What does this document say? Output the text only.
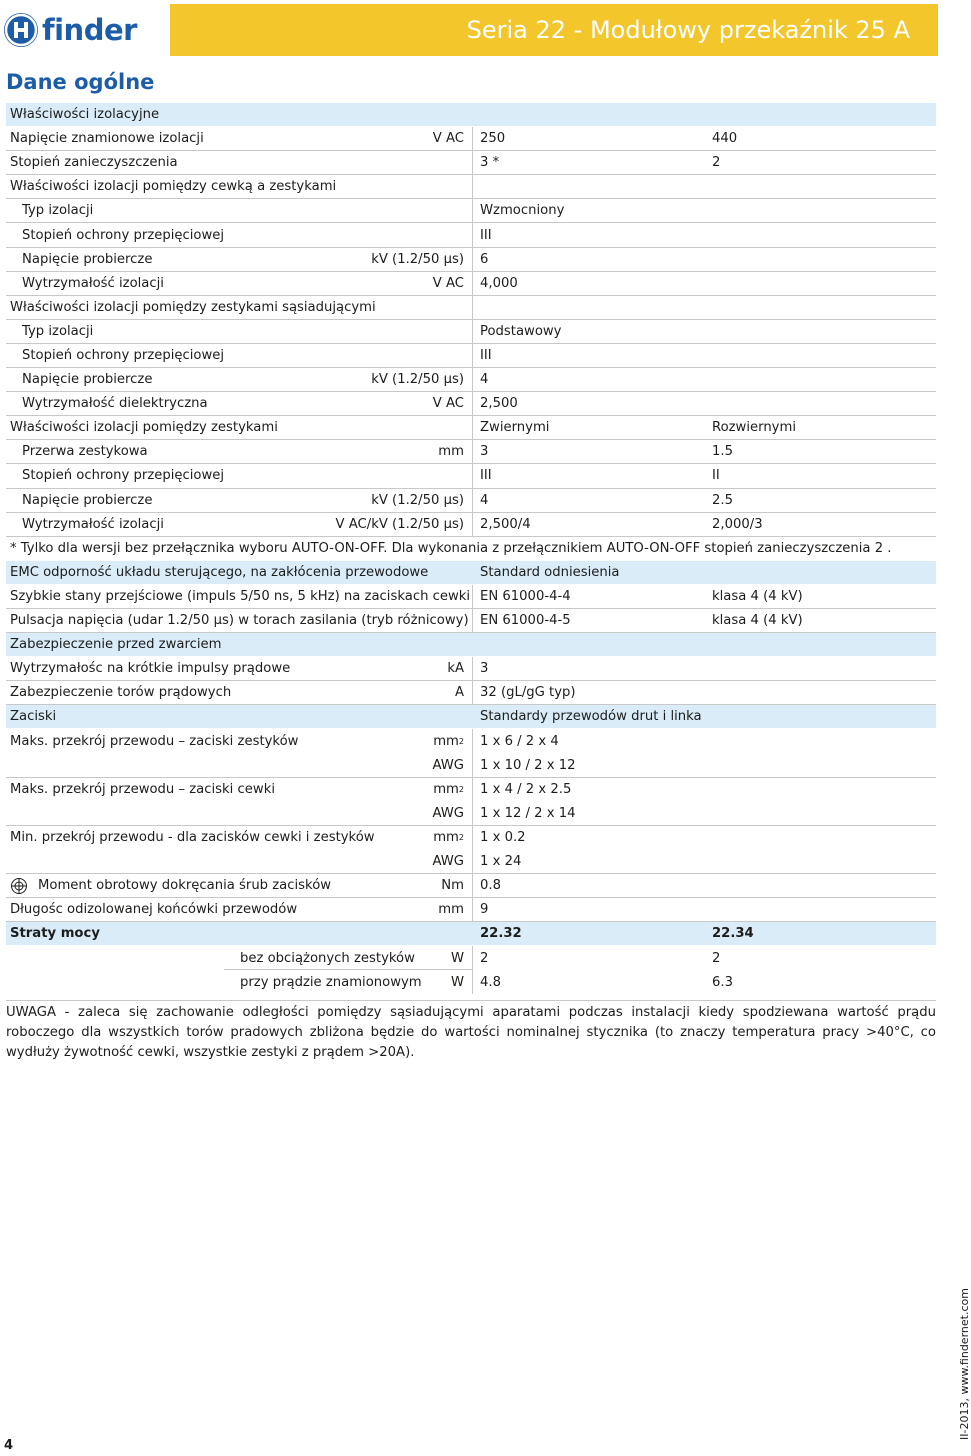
finder	Seria 22 - Modułowy przekaźnik 25 A
Dane ogólne
Właściwości izolacyjne
Napięcie znamionowe izolacji	V AC 250	440
Stopień zanieczyszczenia	3 *	2
Właściwości izolacji pomiędzy cewką a zestykami
Typ izolacji	Wzmocniony
Stopień ochrony przepięciowej	III
Napięcie probiercze	kV (1.2/50 µs) 6
Wytrzymałość izolacji	V AC 4,000
Właściwości izolacji pomiędzy zestykami sąsiadującymi
Typ izolacji	Podstawowy
Stopień ochrony przepięciowej	III
Napięcie probiercze	kV (1.2/50 µs) 4
Wytrzymałość dielektryczna	V AC 2,500
Właściwości izolacji pomiędzy zestykami	Zwiernymi	Rozwiernymi
Przerwa zestykowa	mm 3	1.5
Stopień ochrony przepięciowej	III	II
Napięcie probiercze	kV (1.2/50 µs) 4	2.5
Wytrzymałość izolacji	V AC/kV (1.2/50 µs) 2,500/4	2,000/3
* Tylko dla wersji bez przełącznika wyboru AUTO-ON-OFF. Dla wykonania z przełącznikiem AUTO-ON-OFF stopień zanieczyszczenia 2 .
EMC odporność układu sterującego, na zakłócenia przewodowe	Standard odniesienia
Szybkie stany przejściowe (impuls 5/50 ns, 5 kHz) na zaciskach cewki EN 61000-4-4	klasa 4 (4 kV)
Pulsacja napięcia (udar 1.2/50 µs) w torach zasilania (tryb różnicowy) EN 61000-4-5	klasa 4 (4 kV)
Zabezpieczenie przed zwarciem
Wytrzymałośc na krótkie impulsy prądowe	kA 3
Zabezpieczenie torów prądowych	A 32 (gL/gG typ)
Zaciski	Standardy przewodów drut i linka
Maks. przekrój przewodu – zaciski zestyków	mm 2 1 x 6 / 2 x 4
AWG 1 x 10 / 2 x 12
Maks. przekrój przewodu – zaciski cewki	mm 2 1 x 4 / 2 x 2.5
AWG 1 x 12 / 2 x 14
Min. przekrój przewodu - dla zacisków cewki i zestyków	mm 2 1 x 0.2
AWG 1 x 24
Moment obrotowy dokręcania śrub zacisków	Nm 0.8
Długośc odizolowanej końcówki przewodów	mm 9
Straty mocy	22.32	22.34
bez obciążonych zestyków	W 2	2
przy prądzie znamionowym W 4.8	6.3
UWAGA - zaleca się zachowanie odległości pomiędzy sąsiadującymi aparatami podczas instalacji kiedy spodziewana wartość prądu roboczego dla wszystkich torów pradowych zbliżona będzie do wartości nominalnej stycznika (to znaczy temperatura pracy >40°C, co wydłuży żywotność cewki, wszystkie zestyki z prądem >20A).
4
II-2013, www.findernet.com
